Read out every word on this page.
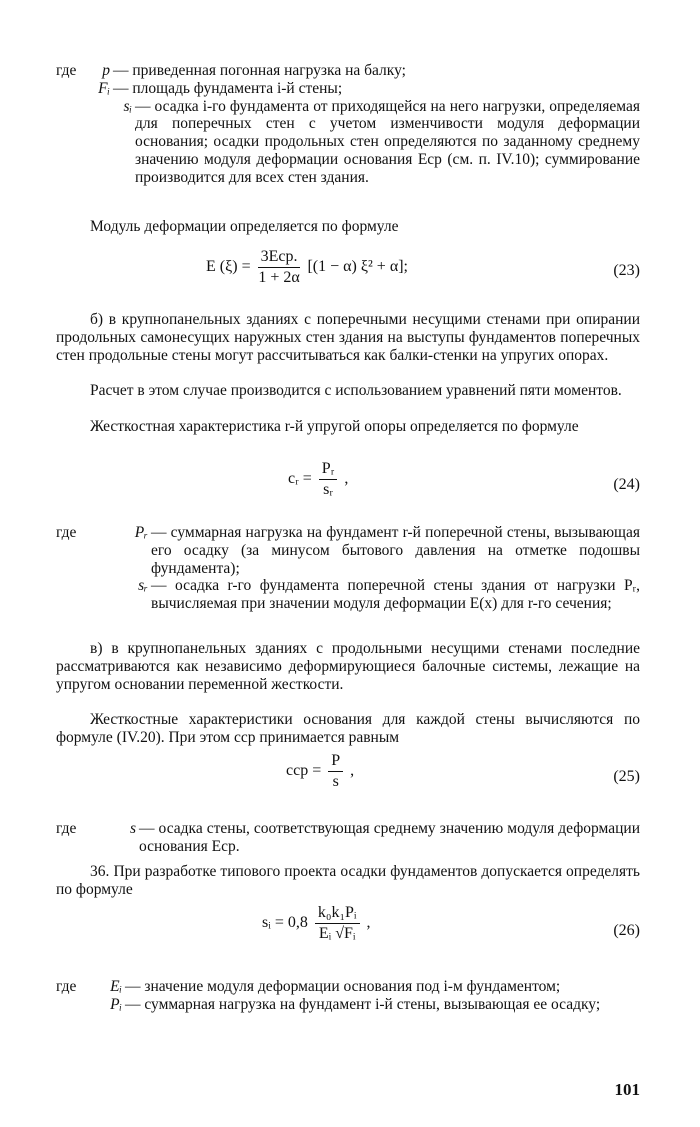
где	p — приведенная погонная нагрузка на балку;
Fᵢ — площадь фундамента i-й стены;
sᵢ — осадка i-го фундамента от приходящейся на него нагрузки, определяемая для поперечных стен с учетом изменчивости модуля деформации основания; осадки продольных стен определяются по заданному среднему значению модуля деформации основания Eср (см. п. IV.10); суммирование производится для всех стен здания.
Модуль деформации определяется по формуле
E $(\xi) = \frac{\text{3Eср.}}{1 + 2\alpha} [(1 - \alpha) \xi^2 + \alpha]$;	(23)
б) в крупнопанельных зданиях с поперечными несущими стенами при опирании продольных самонесущих наружных стен здания на выступы фундаментов поперечных стен продольные стены могут рассчитываться как балки-стенки на упругих опорах.
Расчет в этом случае производится с использованием уравнений пяти моментов.
Жесткостная характеристика r-й упругой опоры определяется по формуле
cᵣ = $\frac{\text{Pᵣ}}{\text{sᵣ}}$ ,	(24)
где	Pᵣ — суммарная нагрузка на фундамент r-й поперечной стены, вызывающая его осадку (за минусом бытового давления на отметке подошвы фундамента);
sᵣ — осадка r-го фундамента поперечной стены здания от нагрузки Pᵣ, вычисляемая при значении модуля деформации E(x) для r-го сечения;
в) в крупнопанельных зданиях с продольными несущими стенами последние рассматриваются как независимо деформирующиеся балочные системы, лежащие на упругом основании переменной жесткости.
Жесткостные характеристики основания для каждой стены вычисляются по формуле (IV.20). При этом cср принимается равным
cср = $\frac{P}{s}$ ,	(25)
где	s — осадка стены, соответствующая среднему значению модуля деформации основания Eср.
36. При разработке типового проекта осадки фундаментов допускается определять по формуле
sᵢ = $0,8 \frac{\text{k₀k₁Pᵢ}}{\text{Eᵢ √Fᵢ}}$ ,	(26)
где	Eᵢ — значение модуля деформации основания под i-м фундаментом;
Pᵢ — суммарная нагрузка на фундамент i-й стены, вызывающая ее осадку;
101
